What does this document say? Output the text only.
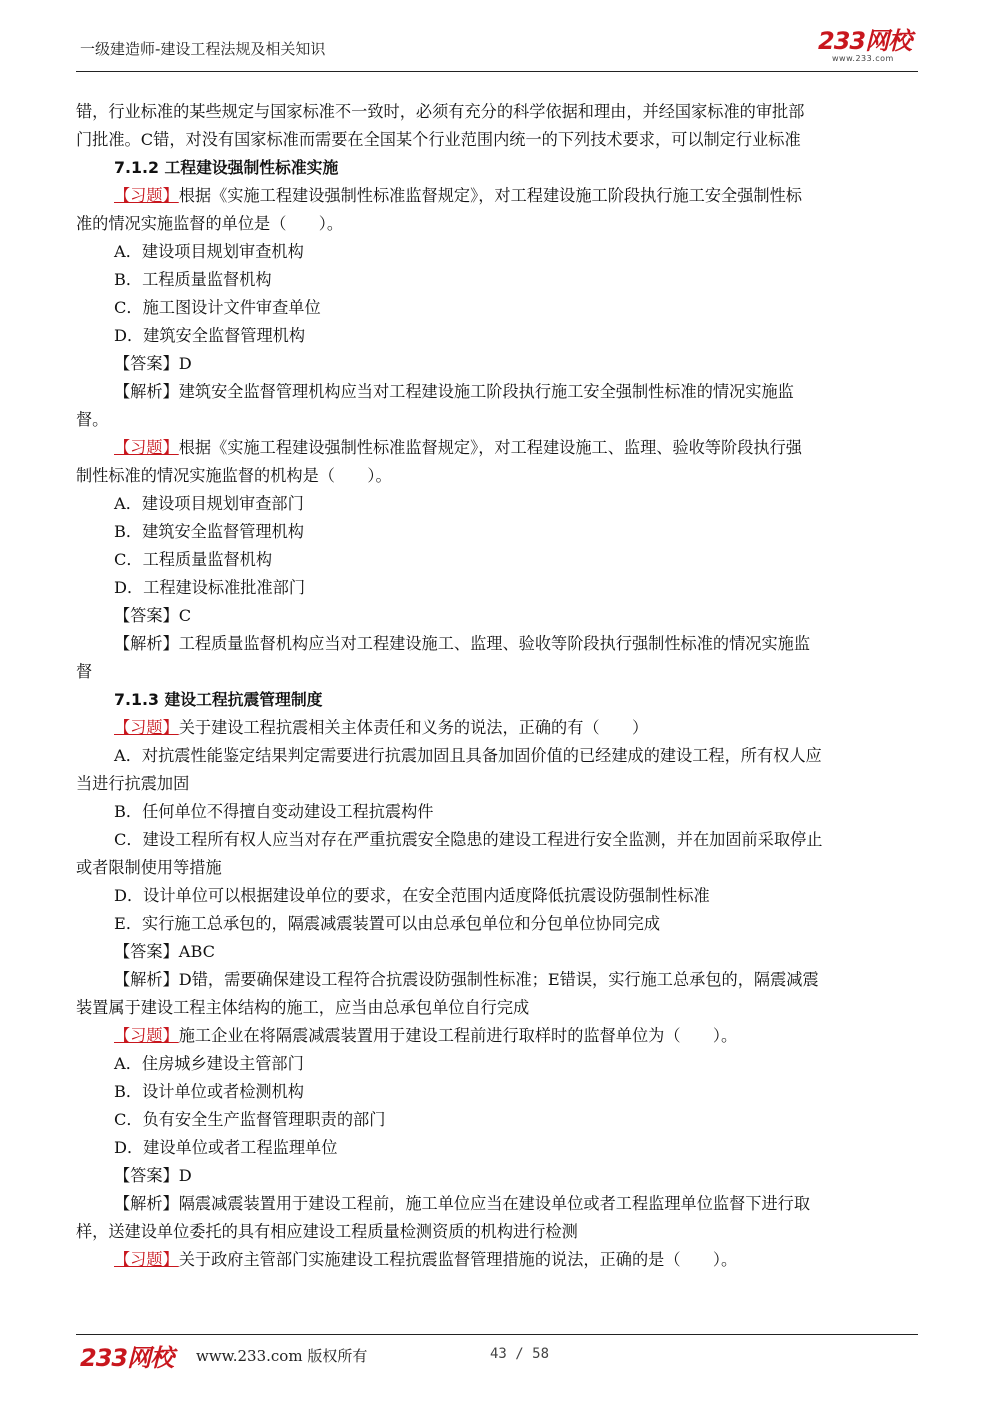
一级建造师-建设工程法规及相关知识	233网校
www.233.com

错，行业标准的某些规定与国家标准不一致时，必须有充分的科学依据和理由，并经国家标准的审批部

门批准。C错，对没有国家标准而需要在全国某个行业范围内统一的下列技术要求，可以制定行业标准

7.1.2 工程建设强制性标准实施

【习题】根据《实施工程建设强制性标准监督规定》，对工程建设施工阶段执行施工安全强制性标

准的情况实施监督的单位是（　　）。

A．建设项目规划审查机构

B．工程质量监督机构

C．施工图设计文件审查单位

D．建筑安全监督管理机构

【答案】D

【解析】建筑安全监督管理机构应当对工程建设施工阶段执行施工安全强制性标准的情况实施监

督。

【习题】根据《实施工程建设强制性标准监督规定》，对工程建设施工、监理、验收等阶段执行强

制性标准的情况实施监督的机构是（　　）。

A．建设项目规划审查部门

B．建筑安全监督管理机构

C．工程质量监督机构

D．工程建设标准批准部门

【答案】C

【解析】工程质量监督机构应当对工程建设施工、监理、验收等阶段执行强制性标准的情况实施监

督

7.1.3 建设工程抗震管理制度

【习题】关于建设工程抗震相关主体责任和义务的说法，正确的有（　　）

A．对抗震性能鉴定结果判定需要进行抗震加固且具备加固价值的已经建成的建设工程，所有权人应

当进行抗震加固

B．任何单位不得擅自变动建设工程抗震构件

C．建设工程所有权人应当对存在严重抗震安全隐患的建设工程进行安全监测，并在加固前采取停止

或者限制使用等措施

D．设计单位可以根据建设单位的要求，在安全范围内适度降低抗震设防强制性标准

E．实行施工总承包的，隔震减震装置可以由总承包单位和分包单位协同完成

【答案】ABC

【解析】D错，需要确保建设工程符合抗震设防强制性标准；E错误，实行施工总承包的，隔震减震

装置属于建设工程主体结构的施工，应当由总承包单位自行完成

【习题】施工企业在将隔震减震装置用于建设工程前进行取样时的监督单位为（　　）。

A．住房城乡建设主管部门

B．设计单位或者检测机构

C．负有安全生产监督管理职责的部门

D．建设单位或者工程监理单位

【答案】D

【解析】隔震减震装置用于建设工程前，施工单位应当在建设单位或者工程监理单位监督下进行取

样，送建设单位委托的具有相应建设工程质量检测资质的机构进行检测

【习题】关于政府主管部门实施建设工程抗震监督管理措施的说法，正确的是（　　）。

233网校 www.233.com 版权所有	43 / 58
